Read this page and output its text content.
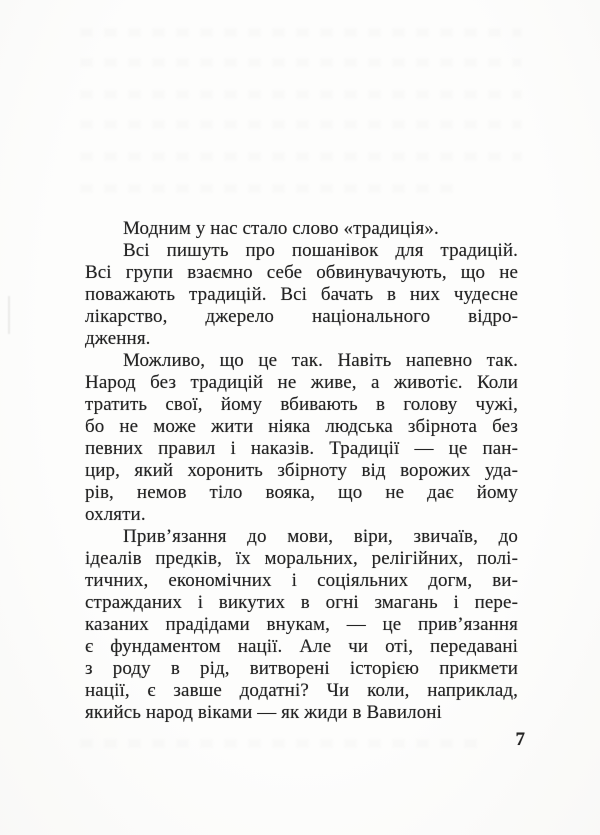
Модним у нас стало слово «традиція».
Всі пишуть про пошанівок для традицій.
Всі групи взаємно себе обвинувачують, що не
поважають традицій. Всі бачать в них чудесне
лікарство, джерело національного відро-
дження.
Можливо, що це так. Навіть напевно так.
Народ без традицій не живе, а животіє. Коли
тратить свої, йому вбивають в голову чужі,
бо не може жити ніяка людська збірнота без
певних правил і наказів. Традиції — це пан-
цир, який хоронить збірноту від ворожих уда-
рів, немов тіло вояка, що не дає йому
охляти.
Прив’язання до мови, віри, звичаїв, до
ідеалів предків, їх моральних, релігійних, полі-
тичних, економічних і соціяльних догм, ви-
стражданих і викутих в огні змагань і пере-
казаних прадідами внукам, — це прив’язання
є фундаментом нації. Але чи оті, передавані
з роду в рід, витворені історією прикмети
нації, є завше додатні? Чи коли, наприклад,
якийсь народ віками — як жиди в Вавилоні
7
